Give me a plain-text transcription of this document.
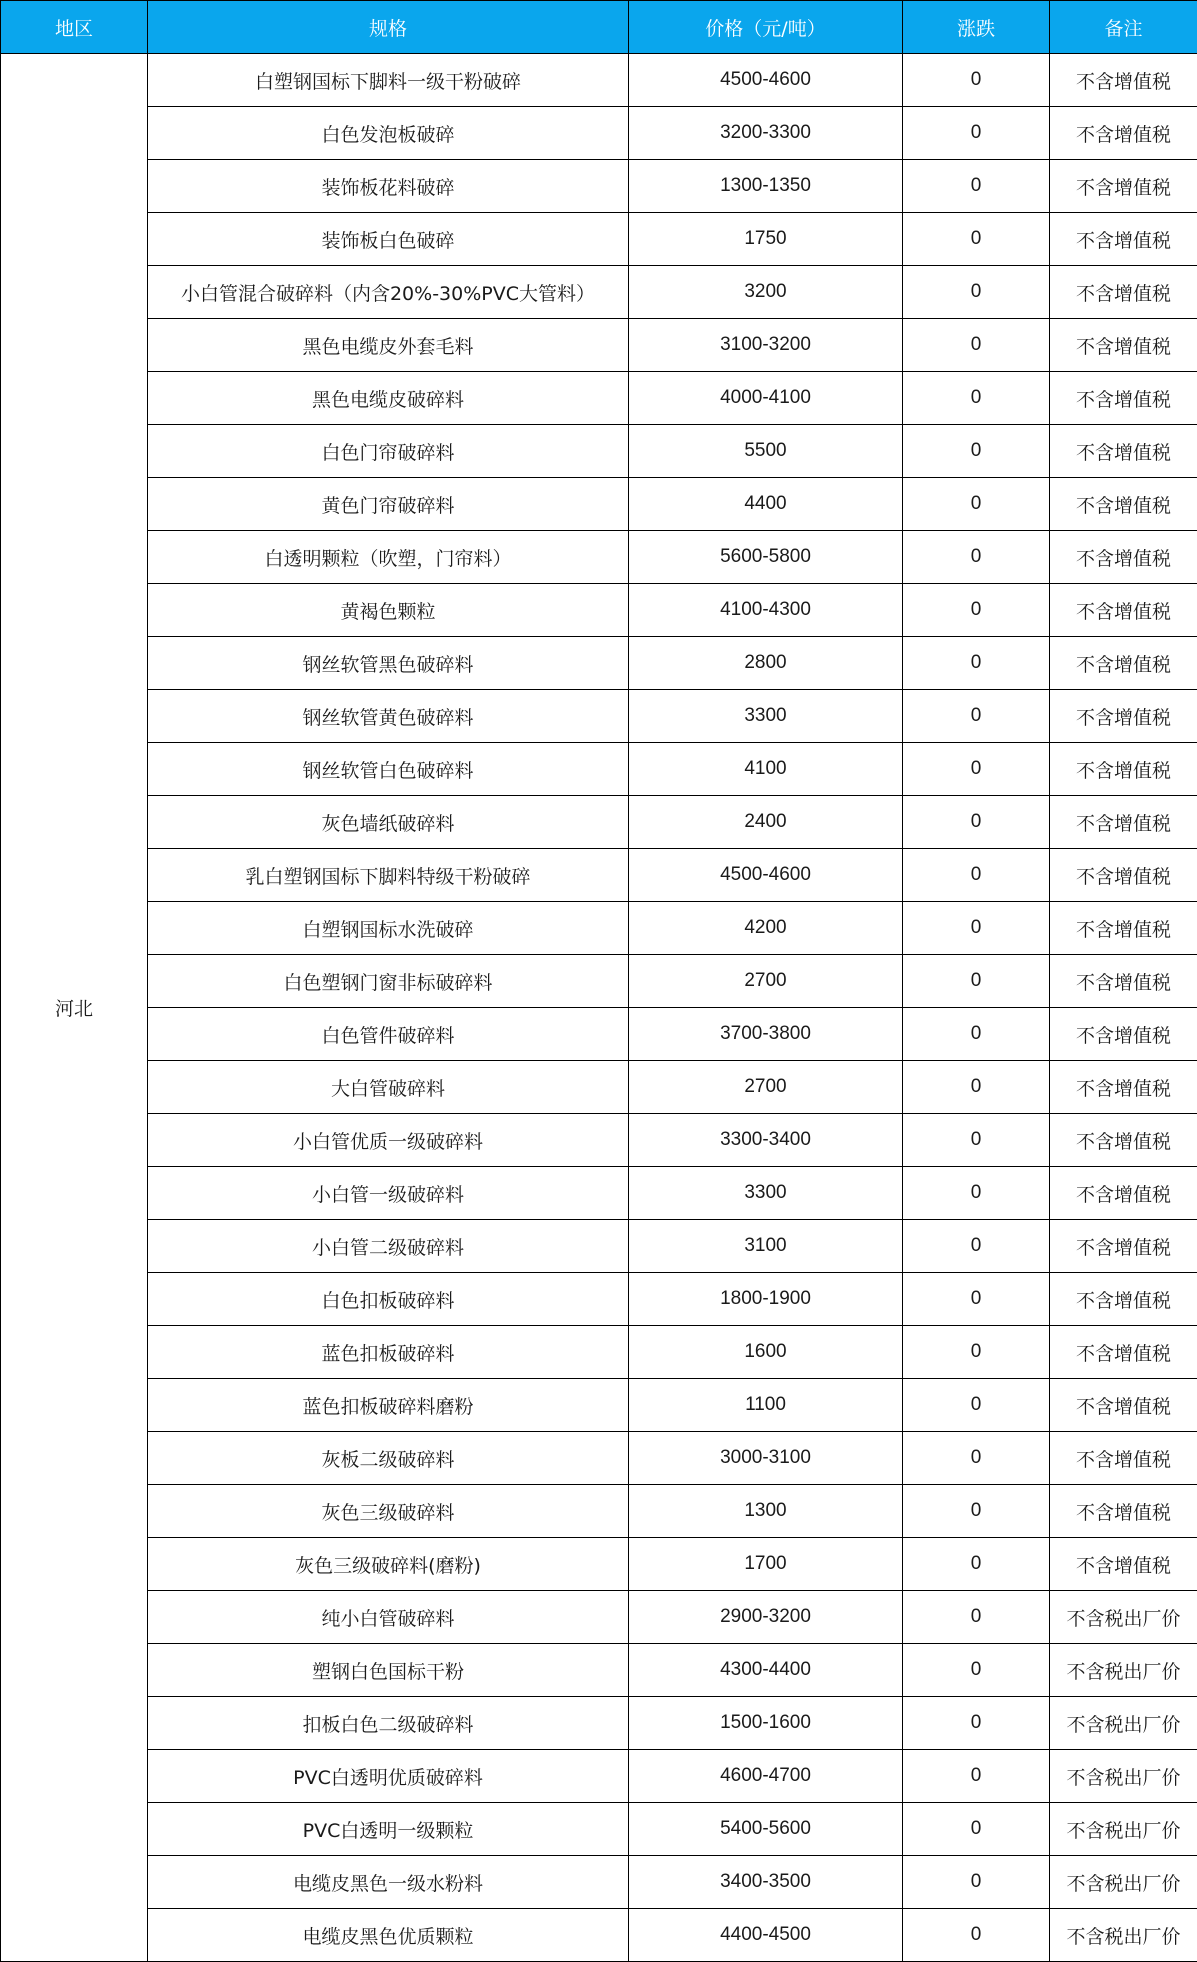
地区	规格	价格（元/吨）	涨跌	备注
河北	白塑钢国标下脚料一级干粉破碎	4500-4600	0	不含增值税
	白色发泡板破碎	3200-3300	0	不含增值税
	装饰板花料破碎	1300-1350	0	不含增值税
	装饰板白色破碎	1750	0	不含增值税
	小白管混合破碎料（内含20%-30%PVC大管料）	3200	0	不含增值税
	黑色电缆皮外套毛料	3100-3200	0	不含增值税
	黑色电缆皮破碎料	4000-4100	0	不含增值税
	白色门帘破碎料	5500	0	不含增值税
	黄色门帘破碎料	4400	0	不含增值税
	白透明颗粒（吹塑，门帘料）	5600-5800	0	不含增值税
	黄褐色颗粒	4100-4300	0	不含增值税
	钢丝软管黑色破碎料	2800	0	不含增值税
	钢丝软管黄色破碎料	3300	0	不含增值税
	钢丝软管白色破碎料	4100	0	不含增值税
	灰色墙纸破碎料	2400	0	不含增值税
	乳白塑钢国标下脚料特级干粉破碎	4500-4600	0	不含增值税
	白塑钢国标水洗破碎	4200	0	不含增值税
	白色塑钢门窗非标破碎料	2700	0	不含增值税
	白色管件破碎料	3700-3800	0	不含增值税
	大白管破碎料	2700	0	不含增值税
	小白管优质一级破碎料	3300-3400	0	不含增值税
	小白管一级破碎料	3300	0	不含增值税
	小白管二级破碎料	3100	0	不含增值税
	白色扣板破碎料	1800-1900	0	不含增值税
	蓝色扣板破碎料	1600	0	不含增值税
	蓝色扣板破碎料磨粉	1100	0	不含增值税
	灰板二级破碎料	3000-3100	0	不含增值税
	灰色三级破碎料	1300	0	不含增值税
	灰色三级破碎料(磨粉)	1700	0	不含增值税
	纯小白管破碎料	2900-3200	0	不含税出厂价
	塑钢白色国标干粉	4300-4400	0	不含税出厂价
	扣板白色二级破碎料	1500-1600	0	不含税出厂价
	PVC白透明优质破碎料	4600-4700	0	不含税出厂价
	PVC白透明一级颗粒	5400-5600	0	不含税出厂价
	电缆皮黑色一级水粉料	3400-3500	0	不含税出厂价
	电缆皮黑色优质颗粒	4400-4500	0	不含税出厂价
